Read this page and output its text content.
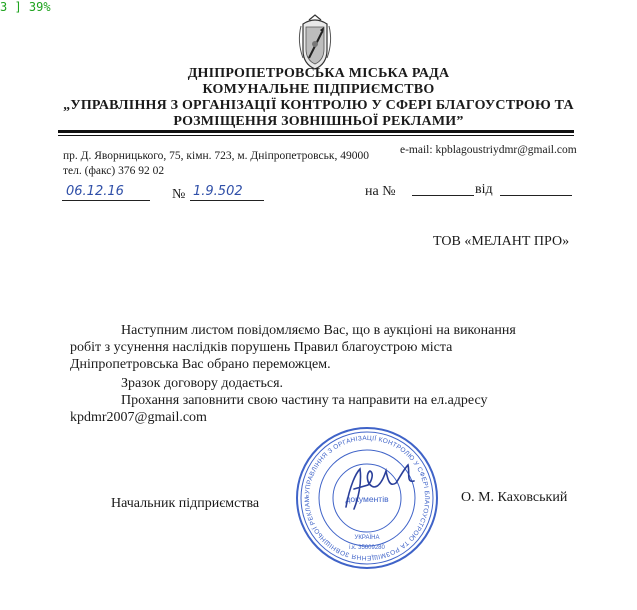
3 ] 39%
ДНІПРОПЕТРОВСЬКА МІСЬКА РАДА
КОМУНАЛЬНЕ ПІДПРИЄМСТВО
„УПРАВЛІННЯ З ОРГАНІЗАЦІЇ КОНТРОЛЮ У СФЕРІ БЛАГОУСТРОЮ ТА
РОЗМІЩЕННЯ ЗОВНІШНЬОЇ РЕКЛАМИ”
пр. Д. Яворницького, 75, кімн. 723, м. Дніпропетровськ, 49000	e-mail: kpblagoustriydmr@gmail.com
тел. (факс) 376 92 02
06.12.16	№ 1.9.502	на №	від
ТОВ «МЕЛАНТ ПРО»
Наступним листом повідомляємо Вас, що в аукціоні на виконання
робіт з усунення наслідків порушень Правил благоустрою міста
Дніпропетровська Вас обрано переможцем.
Зразок договору додається.
Прохання заповнити свою частину та направити на ел.адресу
kpdmr2007@gmail.com
Начальник підприємства	О. М. Каховський
«УПРАВЛІННЯ З ОРГАНІЗАЦІЇ КОНТРОЛЮ У СФЕРІ БЛАГОУСТРОЮ ТА РОЗМІЩЕННЯ ЗОВНІШНЬОЇ РЕКЛАМ	документів
УКРАЇНА
і.к. 35609280
